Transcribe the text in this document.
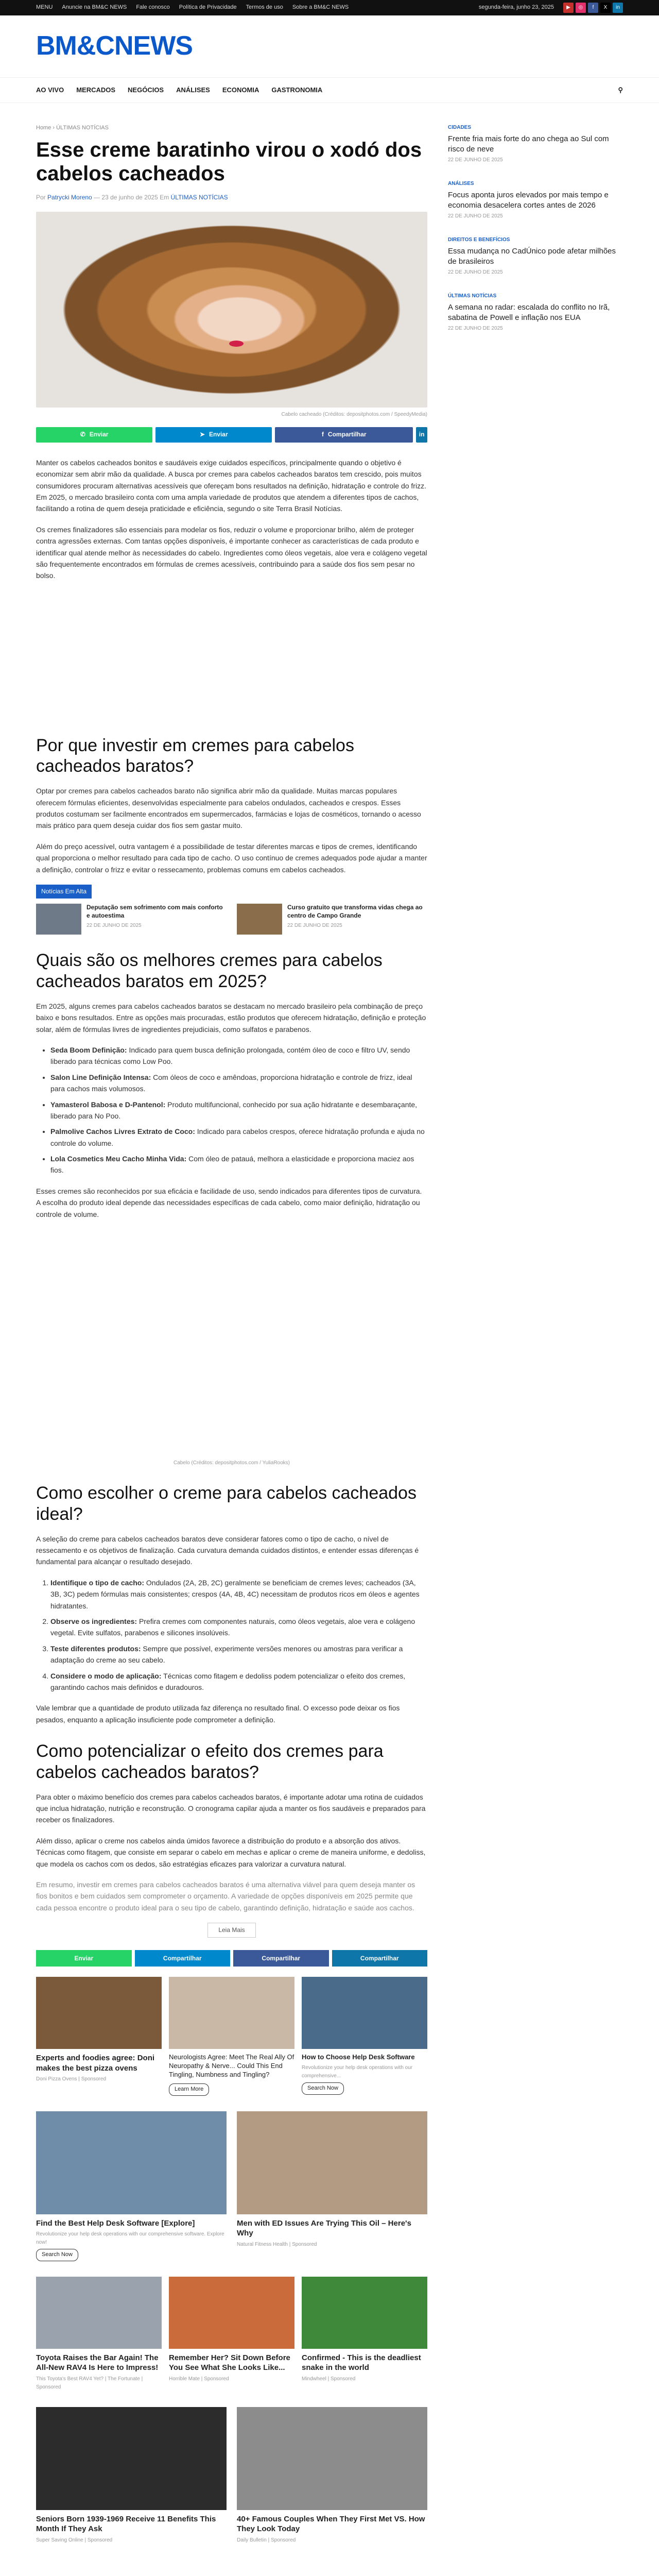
MENU Anuncie na BM&C NEWS Fale conosco Política de Privacidade Termos de uso Sobre a BM&C NEWS	segunda-feira, junho 23, 2025	▶	◎	f	X	in
BM&CNEWS
AO VIVO MERCADOS NEGÓCIOS ANÁLISES ECONOMIA GASTRONOMIA	⚲
Home › ÚLTIMAS NOTÍCIAS
Esse creme baratinho virou o xodó dos cabelos cacheados
Por Patrycki Moreno — 23 de junho de 2025 Em ÚLTIMAS NOTÍCIAS
Cabelo cacheado (Créditos: depositphotos.com / SpeedyMedia)
✆ Enviar	➤ Enviar	f Compartilhar	in

Manter os cabelos cacheados bonitos e saudáveis exige cuidados específicos, principalmente quando o objetivo é economizar sem abrir mão da qualidade. A busca por cremes para cabelos cacheados baratos tem crescido, pois muitos consumidores procuram alternativas acessíveis que ofereçam bons resultados na definição, hidratação e controle do frizz. Em 2025, o mercado brasileiro conta com uma ampla variedade de produtos que atendem a diferentes tipos de cachos, facilitando a rotina de quem deseja praticidade e eficiência, segundo o site Terra Brasil Notícias.

Os cremes finalizadores são essenciais para modelar os fios, reduzir o volume e proporcionar brilho, além de proteger contra agressões externas. Com tantas opções disponíveis, é importante conhecer as características de cada produto e identificar qual atende melhor às necessidades do cabelo. Ingredientes como óleos vegetais, aloe vera e colágeno vegetal são frequentemente encontrados em fórmulas de cremes acessíveis, contribuindo para a saúde dos fios sem pesar no bolso.

Por que investir em cremes para cabelos cacheados baratos?

Optar por cremes para cabelos cacheados barato não significa abrir mão da qualidade. Muitas marcas populares oferecem fórmulas eficientes, desenvolvidas especialmente para cabelos ondulados, cacheados e crespos. Esses produtos costumam ser facilmente encontrados em supermercados, farmácias e lojas de cosméticos, tornando o acesso mais prático para quem deseja cuidar dos fios sem gastar muito.

Além do preço acessível, outra vantagem é a possibilidade de testar diferentes marcas e tipos de cremes, identificando qual proporciona o melhor resultado para cada tipo de cacho. O uso contínuo de cremes adequados pode ajudar a manter a definição, controlar o frizz e evitar o ressecamento, problemas comuns em cabelos cacheados.

Notícias Em Alta
Deputação sem sofrimento com mais conforto e autoestima
22 DE JUNHO DE 2025
Curso gratuito que transforma vidas chega ao centro de Campo Grande
22 DE JUNHO DE 2025
Quais são os melhores cremes para cabelos cacheados baratos em 2025?

Em 2025, alguns cremes para cabelos cacheados baratos se destacam no mercado brasileiro pela combinação de preço baixo e bons resultados. Entre as opções mais procuradas, estão produtos que oferecem hidratação, definição e proteção solar, além de fórmulas livres de ingredientes prejudiciais, como sulfatos e parabenos.

• Seda Boom Definição: Indicado para quem busca definição prolongada, contém óleo de coco e filtro UV, sendo liberado para técnicas como Low Poo.
• Salon Line Definição Intensa: Com óleos de coco e amêndoas, proporciona hidratação e controle de frizz, ideal para cachos mais volumosos.
• Yamasterol Babosa e D-Pantenol: Produto multifuncional, conhecido por sua ação hidratante e desembaraçante, liberado para No Poo.
• Palmolive Cachos Livres Extrato de Coco: Indicado para cabelos crespos, oferece hidratação profunda e ajuda no controle do volume.
• Lola Cosmetics Meu Cacho Minha Vida: Com óleo de patauá, melhora a elasticidade e proporciona maciez aos fios.

Esses cremes são reconhecidos por sua eficácia e facilidade de uso, sendo indicados para diferentes tipos de curvatura. A escolha do produto ideal depende das necessidades específicas de cada cabelo, como maior definição, hidratação ou controle de volume.

Cabelo (Créditos: depositphotos.com / YuliaRooks)
Como escolher o creme para cabelos cacheados ideal?

A seleção do creme para cabelos cacheados baratos deve considerar fatores como o tipo de cacho, o nível de ressecamento e os objetivos de finalização. Cada curvatura demanda cuidados distintos, e entender essas diferenças é fundamental para alcançar o resultado desejado.

1. Identifique o tipo de cacho: Ondulados (2A, 2B, 2C) geralmente se beneficiam de cremes leves; cacheados (3A, 3B, 3C) pedem fórmulas mais consistentes; crespos (4A, 4B, 4C) necessitam de produtos ricos em óleos e agentes hidratantes.
2. Observe os ingredientes: Prefira cremes com componentes naturais, como óleos vegetais, aloe vera e colágeno vegetal. Evite sulfatos, parabenos e silicones insolúveis.
3. Teste diferentes produtos: Sempre que possível, experimente versões menores ou amostras para verificar a adaptação do creme ao seu cabelo.
4. Considere o modo de aplicação: Técnicas como fitagem e dedoliss podem potencializar o efeito dos cremes, garantindo cachos mais definidos e duradouros.

Vale lembrar que a quantidade de produto utilizada faz diferença no resultado final. O excesso pode deixar os fios pesados, enquanto a aplicação insuficiente pode comprometer a definição.

Como potencializar o efeito dos cremes para cabelos cacheados baratos?

Para obter o máximo benefício dos cremes para cabelos cacheados baratos, é importante adotar uma rotina de cuidados que inclua hidratação, nutrição e reconstrução. O cronograma capilar ajuda a manter os fios saudáveis e preparados para receber os finalizadores.

Além disso, aplicar o creme nos cabelos ainda úmidos favorece a distribuição do produto e a absorção dos ativos. Técnicas como fitagem, que consiste em separar o cabelo em mechas e aplicar o creme de maneira uniforme, e dedoliss, que modela os cachos com os dedos, são estratégias eficazes para valorizar a curvatura natural.

Em resumo, investir em cremes para cabelos cacheados baratos é uma alternativa viável para quem deseja manter os fios bonitos e bem cuidados sem comprometer o orçamento. A variedade de opções disponíveis em 2025 permite que cada pessoa encontre o produto ideal para o seu tipo de cabelo, garantindo definição, hidratação e saúde aos cachos.

Leia Mais
Enviar	Compartilhar	Compartilhar	Compartilhar
Experts and foodies agree: Doni makes the best pizza ovens
Doni Pizza Ovens | Sponsored
Neurologists Agree: Meet The Real Ally Of Neuropathy & Nerve... Could This End Tingling, Numbness and Tingling?
Learn More
How to Choose Help Desk Software
Revolutionize your help desk operations with our comprehensive...
Search Now
Find the Best Help Desk Software [Explore]
Revolutionize your help desk operations with our comprehensive software. Explore now!
Search Now
Men with ED Issues Are Trying This Oil – Here's Why
Natural Fitness Health | Sponsored
Toyota Raises the Bar Again! The All-New RAV4 Is Here to Impress!
This Toyota's Best RAV4 Yet? | The Fortunate | Sponsored
Remember Her? Sit Down Before You See What She Looks Like...
Horrible Mate | Sponsored
Confirmed - This is the deadliest snake in the world
Mindwheel | Sponsored
Seniors Born 1939-1969 Receive 11 Benefits This Month If They Ask
Super Saving Online | Sponsored
40+ Famous Couples When They First Met VS. How They Look Today
Daily Bulletin | Sponsored
CIDADES
Frente fria mais forte do ano chega ao Sul com risco de neve
22 DE JUNHO DE 2025
ANÁLISES
Focus aponta juros elevados por mais tempo e economia desacelera cortes antes de 2026
22 DE JUNHO DE 2025
DIREITOS E BENEFÍCIOS
Essa mudança no CadÚnico pode afetar milhões de brasileiros
22 DE JUNHO DE 2025
ÚLTIMAS NOTÍCIAS
A semana no radar: escalada do conflito no Irã, sabatina de Powell e inflação nos EUA
22 DE JUNHO DE 2025
